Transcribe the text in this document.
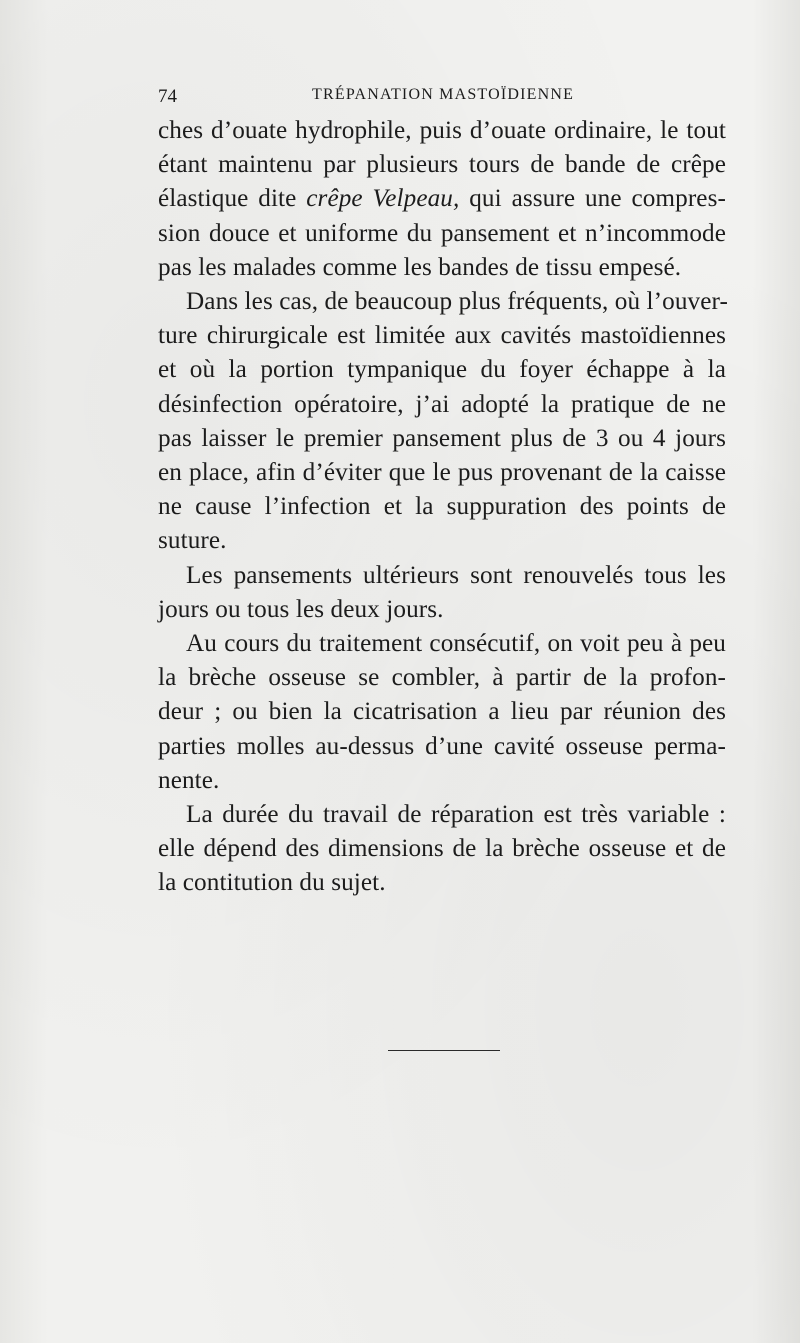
74	TRÉPANATION MASTOÏDIENNE

ches d’ouate hydrophile, puis d’ouate ordinaire, le tout
étant maintenu par plusieurs tours de bande de crêpe
élastique dite crêpe Velpeau, qui assure une compres-
sion douce et uniforme du pansement et n’incommode
pas les malades comme les bandes de tissu empesé.

Dans les cas, de beaucoup plus fréquents, où l’ouver-
ture chirurgicale est limitée aux cavités mastoïdiennes
et où la portion tympanique du foyer échappe à la
désinfection opératoire, j’ai adopté la pratique de ne
pas laisser le premier pansement plus de 3 ou 4 jours
en place, afin d’éviter que le pus provenant de la caisse
ne cause l’infection et la suppuration des points de
suture.

Les pansements ultérieurs sont renouvelés tous les
jours ou tous les deux jours.

Au cours du traitement consécutif, on voit peu à peu
la brèche osseuse se combler, à partir de la profon-
deur ; ou bien la cicatrisation a lieu par réunion des
parties molles au-dessus d’une cavité osseuse perma-
nente.

La durée du travail de réparation est très variable :
elle dépend des dimensions de la brèche osseuse et de
la contitution du sujet.
